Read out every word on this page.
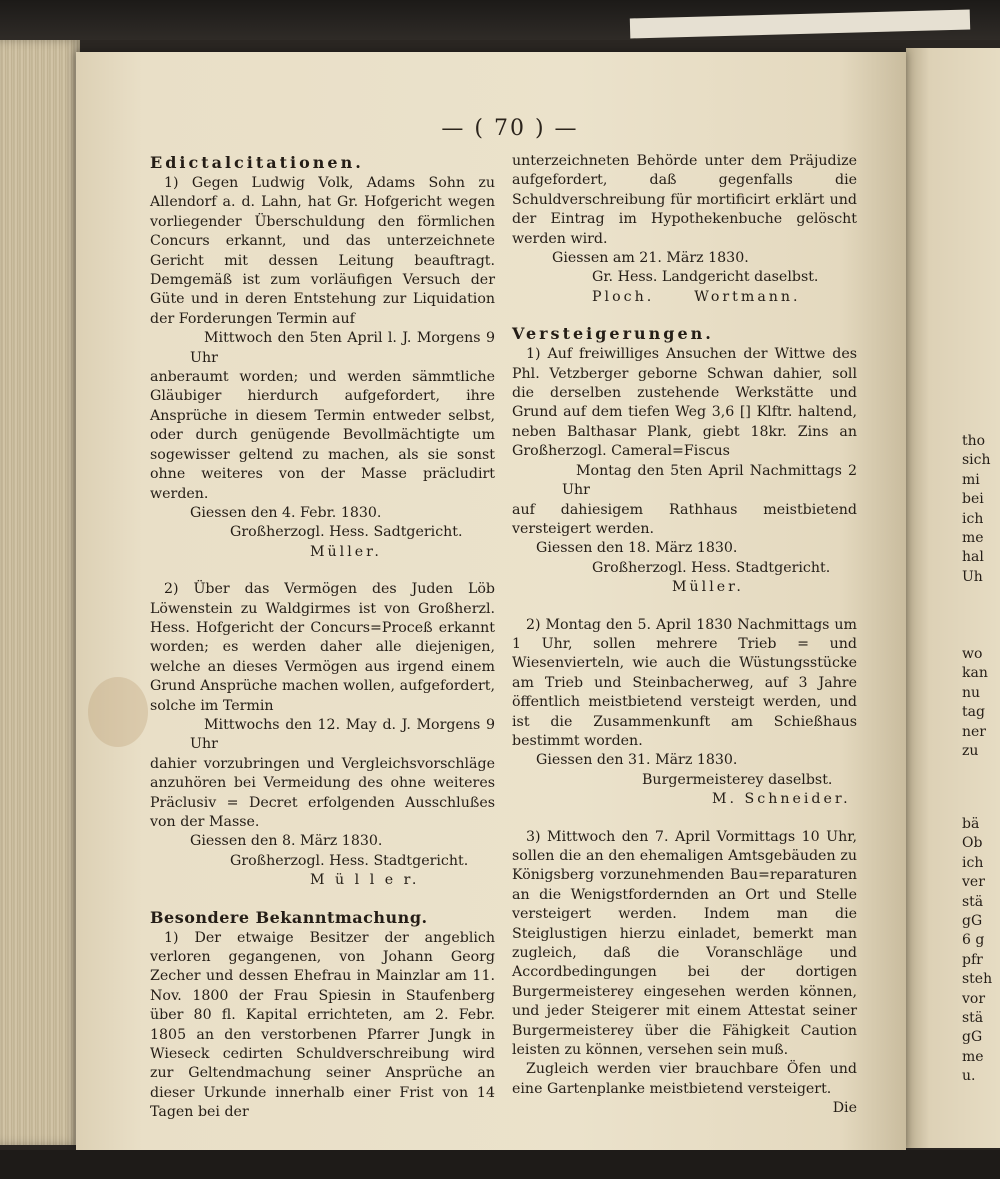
— ( 70 ) —
Edictalcitationen.

1) Gegen Ludwig Volk, Adams Sohn zu Allendorf a. d. Lahn, hat Gr. Hofgericht wegen vorliegender Überschuldung den förmlichen Concurs erkannt, und das unterzeichnete Gericht mit dessen Leitung beauftragt. Demgemäß ist zum vorläufigen Versuch der Güte und in deren Entstehung zur Liquidation der Forderungen Termin auf

Mittwoch den 5ten April l. J. Morgens 9 Uhr

anberaumt worden; und werden sämmtliche Gläubiger hierdurch aufgefordert, ihre Ansprüche in diesem Termin entweder selbst, oder durch genügende Bevollmächtigte um sogewisser geltend zu machen, als sie sonst ohne weiteres von der Masse präcludirt werden.

Giessen den 4. Febr. 1830.

Großherzogl. Hess. Sadtgericht.

Müller.

2) Über das Vermögen des Juden Löb Löwenstein zu Waldgirmes ist von Großherzl. Hess. Hofgericht der Concurs=Proceß erkannt worden; es werden daher alle diejenigen, welche an dieses Vermögen aus irgend einem Grund Ansprüche machen wollen, aufgefordert, solche im Termin

Mittwochs den 12. May d. J. Morgens 9 Uhr

dahier vorzubringen und Vergleichsvorschläge anzuhören bei Vermeidung des ohne weiteres Präclusiv = Decret erfolgenden Ausschlußes von der Masse.

Giessen den 8. März 1830.

Großherzogl. Hess. Stadtgericht.

M ü l l e r.

Besondere Bekanntmachung.

1) Der etwaige Besitzer der angeblich verloren gegangenen, von Johann Georg Zecher und dessen Ehefrau in Mainzlar am 11. Nov. 1800 der Frau Spiesin in Staufenberg über 80 fl. Kapital errichteten, am 2. Febr. 1805 an den verstorbenen Pfarrer Jungk in Wieseck cedirten Schuldverschreibung wird zur Geltendmachung seiner Ansprüche an dieser Urkunde innerhalb einer Frist von 14 Tagen bei der

unterzeichneten Behörde unter dem Präjudize aufgefordert, daß gegenfalls die Schuldverschreibung für mortificirt erklärt und der Eintrag im Hypothekenbuche gelöscht werden wird.

Giessen am 21. März 1830.

Gr. Hess. Landgericht daselbst.

Ploch.	Wortmann.
Versteigerungen.

1) Auf freiwilliges Ansuchen der Wittwe des Phl. Vetzberger geborne Schwan dahier, soll die derselben zustehende Werkstätte und Grund auf dem tiefen Weg 3,6 [] Klftr. haltend, neben Balthasar Plank, giebt 18kr. Zins an Großherzogl. Cameral=Fiscus

Montag den 5ten April Nachmittags 2 Uhr

auf dahiesigem Rathhaus meistbietend versteigert werden.

Giessen den 18. März 1830.

Großherzogl. Hess. Stadtgericht.

Müller.

2) Montag den 5. April 1830 Nachmittags um 1 Uhr, sollen mehrere Trieb = und Wiesenvierteln, wie auch die Wüstungsstücke am Trieb und Steinbacherweg, auf 3 Jahre öffentlich meistbietend versteigt werden, und ist die Zusammenkunft am Schießhaus bestimmt worden.

Giessen den 31. März 1830.

Burgermeisterey daselbst.

M. Schneider.

3) Mittwoch den 7. April Vormittags 10 Uhr, sollen die an den ehemaligen Amtsgebäuden zu Königsberg vorzunehmenden Bau=reparaturen an die Wenigstfordernden an Ort und Stelle versteigert werden. Indem man die Steiglustigen hierzu einladet, bemerkt man zugleich, daß die Voranschläge und Accordbedingungen bei der dortigen Burgermeisterey eingesehen werden können, und jeder Steigerer mit einem Attestat seiner Burgermeisterey über die Fähigkeit Caution leisten zu können, versehen sein muß.

Zugleich werden vier brauchbare Öfen und eine Gartenplanke meistbietend versteigert.

Die

tho
sich
mi
bei
ich
me
hal
Uh
wo
kan
nu
tag
ner
zu
bä
Ob
ich
ver
stä
gG
6 g
pfr
steh
vor
stä
gG
me
u.
